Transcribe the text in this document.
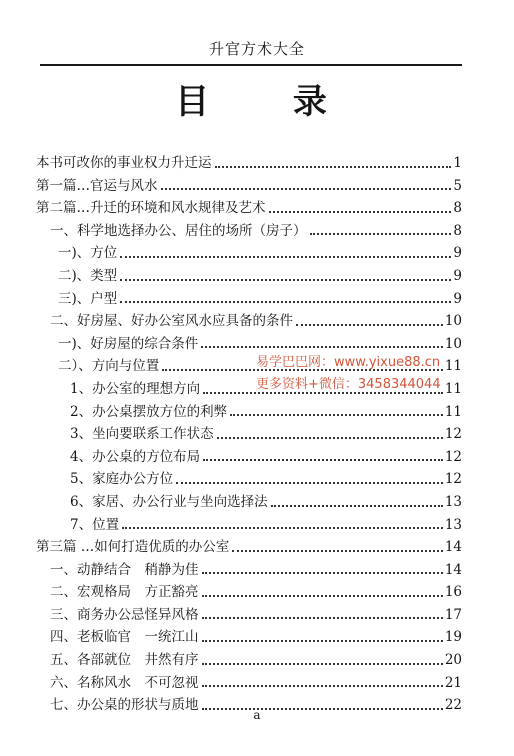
升官方术大全
目 录
本书可改你的事业权力升迁运	1
第一篇…官运与风水	5
第二篇…升迁的环境和风水规律及艺术	8
一、科学地选择办公、居住的场所（房子）	8
一)、方位	9
二)、类型	9
三)、户型	9
二、好房屋、好办公室风水应具备的条件	10
一)、好房屋的综合条件	10
二）、方向与位置	11
1、办公室的理想方向	11
2、办公桌摆放方位的利弊	11
3、坐向要联系工作状态	12
4、办公桌的方位布局	12
5、家庭办公方位	12
6、家居、办公行业与坐向选择法	13
7、位置	13
第三篇 …如何打造优质的办公室	14
一、动静结合　稍静为佳	14
二、宏观格局　方正豁亮	16
三、商务办公忌怪异风格	17
四、老板临官　一统江山	19
五、各部就位　井然有序	20
六、名称风水　不可忽视	21
七、办公桌的形状与质地	22
易学巴巴网：www.yixue88.cn
更多资料+微信：3458344044
a
